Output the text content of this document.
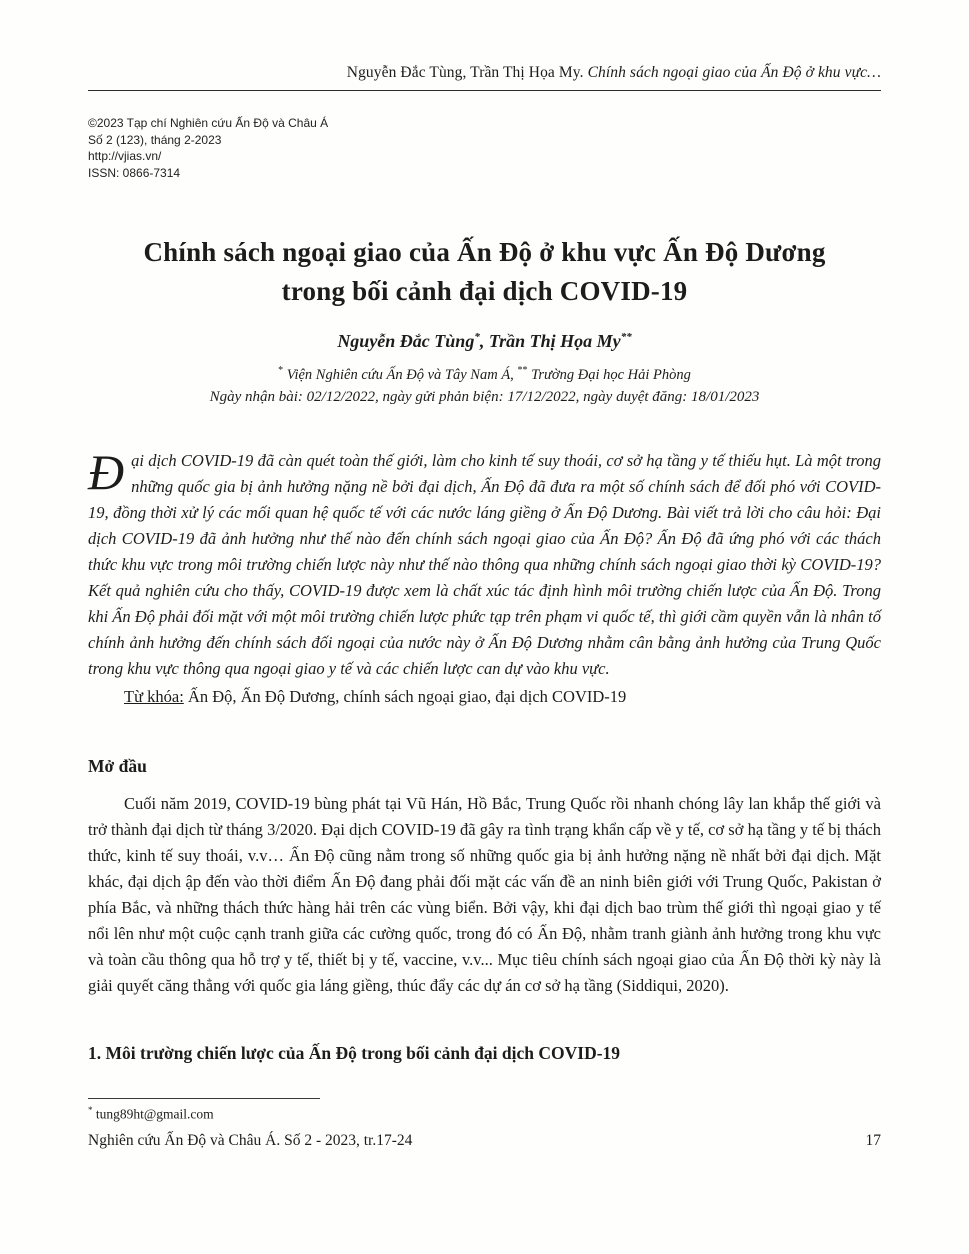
Nguyễn Đắc Tùng, Trần Thị Họa My. Chính sách ngoại giao của Ấn Độ ở khu vực…
©2023 Tạp chí Nghiên cứu Ấn Độ và Châu Á
Số 2 (123), tháng 2-2023
http://vjias.vn/
ISSN: 0866-7314
Chính sách ngoại giao của Ấn Độ ở khu vực Ấn Độ Dương
trong bối cảnh đại dịch COVID-19
Nguyễn Đắc Tùng*, Trần Thị Họa My**
* Viện Nghiên cứu Ấn Độ và Tây Nam Á, ** Trường Đại học Hải Phòng
Ngày nhận bài: 02/12/2022, ngày gửi phản biện: 17/12/2022, ngày duyệt đăng: 18/01/2023
Đại dịch COVID-19 đã càn quét toàn thế giới, làm cho kinh tế suy thoái, cơ sở hạ tầng y tế thiếu hụt. Là một trong những quốc gia bị ảnh hưởng nặng nề bởi đại dịch, Ấn Độ đã đưa ra một số chính sách để đối phó với COVID-19, đồng thời xử lý các mối quan hệ quốc tế với các nước láng giềng ở Ấn Độ Dương. Bài viết trả lời cho câu hỏi: Đại dịch COVID-19 đã ảnh hưởng như thế nào đến chính sách ngoại giao của Ấn Độ? Ấn Độ đã ứng phó với các thách thức khu vực trong môi trường chiến lược này như thế nào thông qua những chính sách ngoại giao thời kỳ COVID-19? Kết quả nghiên cứu cho thấy, COVID-19 được xem là chất xúc tác định hình môi trường chiến lược của Ấn Độ. Trong khi Ấn Độ phải đối mặt với một môi trường chiến lược phức tạp trên phạm vi quốc tế, thì giới cầm quyền vẫn là nhân tố chính ảnh hưởng đến chính sách đối ngoại của nước này ở Ấn Độ Dương nhằm cân bằng ảnh hưởng của Trung Quốc trong khu vực thông qua ngoại giao y tế và các chiến lược can dự vào khu vực.
Từ khóa: Ấn Độ, Ấn Độ Dương, chính sách ngoại giao, đại dịch COVID-19
Mở đầu

Cuối năm 2019, COVID-19 bùng phát tại Vũ Hán, Hồ Bắc, Trung Quốc rồi nhanh chóng lây lan khắp thế giới và trở thành đại dịch từ tháng 3/2020. Đại dịch COVID-19 đã gây ra tình trạng khẩn cấp về y tế, cơ sở hạ tầng y tế bị thách thức, kinh tế suy thoái, v.v… Ấn Độ cũng nằm trong số những quốc gia bị ảnh hưởng nặng nề nhất bởi đại dịch. Mặt khác, đại dịch ập đến vào thời điểm Ấn Độ đang phải đối mặt các vấn đề an ninh biên giới với Trung Quốc, Pakistan ở phía Bắc, và những thách thức hàng hải trên các vùng biển. Bởi vậy, khi đại dịch bao trùm thế giới thì ngoại giao y tế nổi lên như một cuộc cạnh tranh giữa các cường quốc, trong đó có Ấn Độ, nhằm tranh giành ảnh hưởng trong khu vực và toàn cầu thông qua hỗ trợ y tế, thiết bị y tế, vaccine, v.v... Mục tiêu chính sách ngoại giao của Ấn Độ thời kỳ này là giải quyết căng thẳng với quốc gia láng giềng, thúc đẩy các dự án cơ sở hạ tầng (Siddiqui, 2020).

1. Môi trường chiến lược của Ấn Độ trong bối cảnh đại dịch COVID-19
* tung89ht@gmail.com
Nghiên cứu Ấn Độ và Châu Á. Số 2 - 2023, tr.17-24	17
